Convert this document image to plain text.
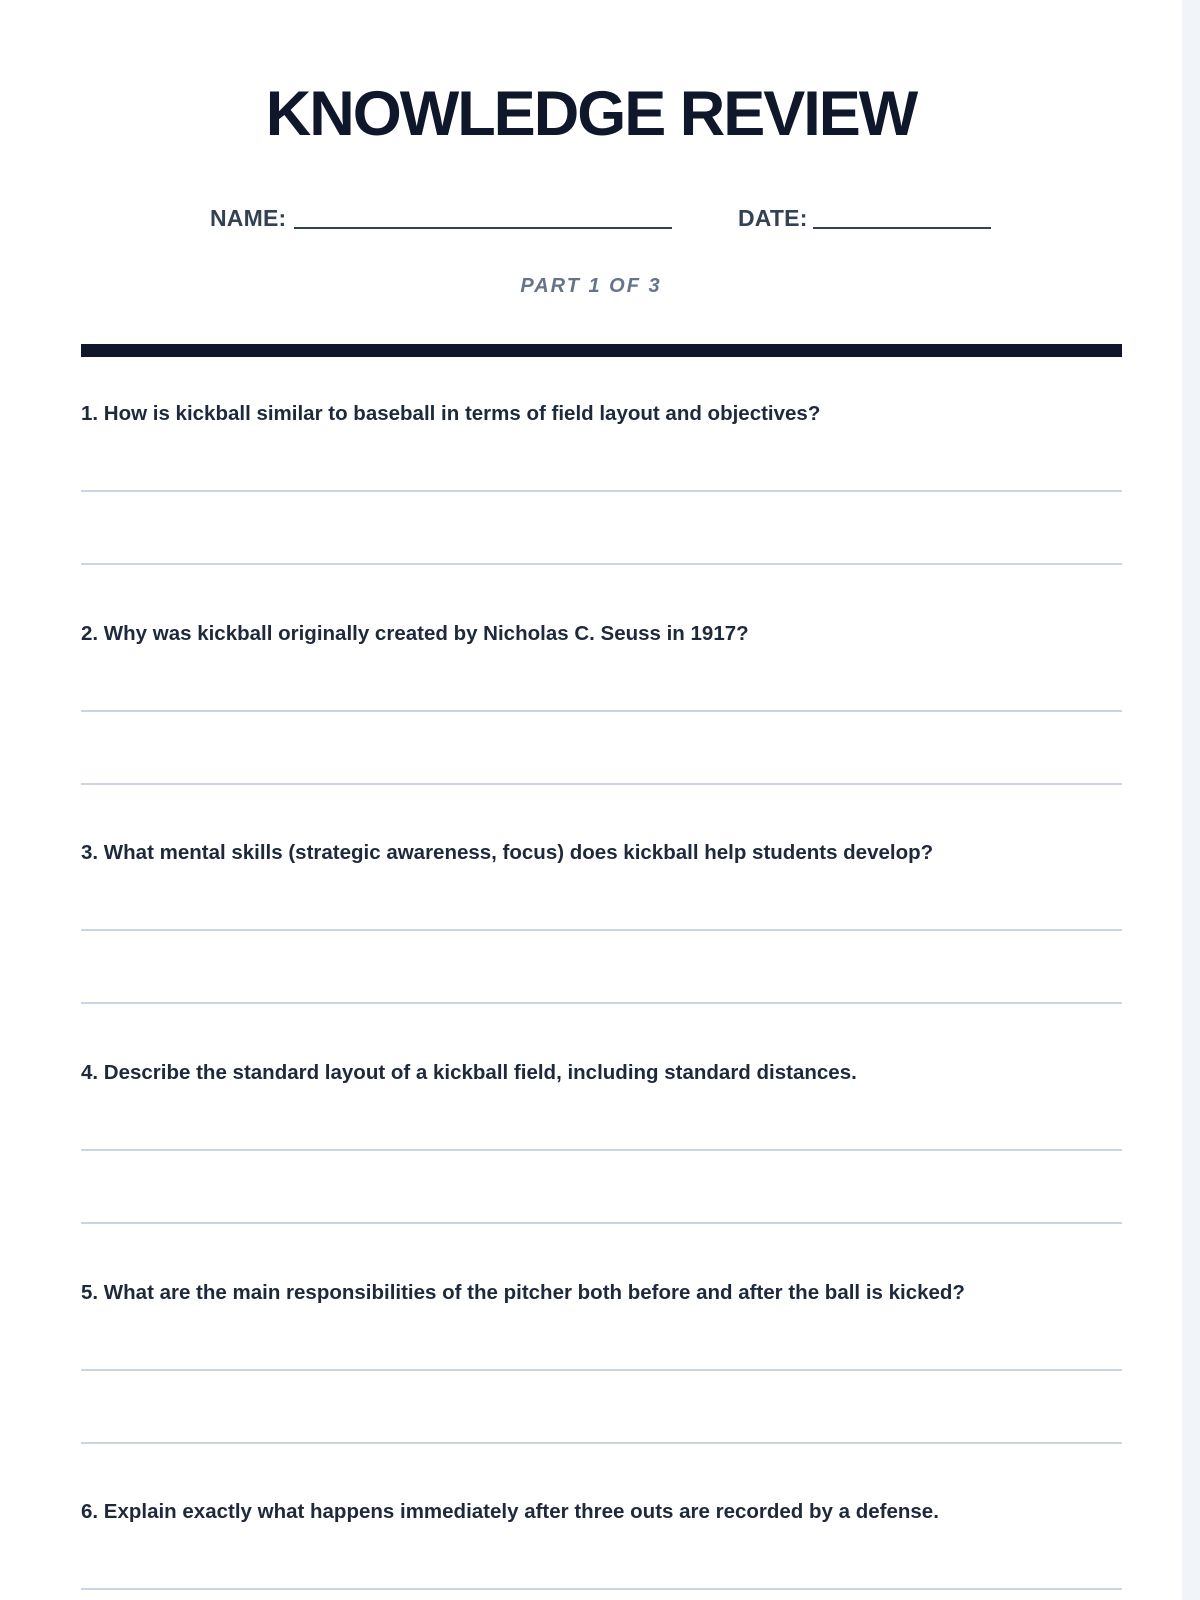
KNOWLEDGE REVIEW
NAME:	DATE:
PART 1 OF 3
1. How is kickball similar to baseball in terms of field layout and objectives?
2. Why was kickball originally created by Nicholas C. Seuss in 1917?
3. What mental skills (strategic awareness, focus) does kickball help students develop?
4. Describe the standard layout of a kickball field, including standard distances.
5. What are the main responsibilities of the pitcher both before and after the ball is kicked?
6. Explain exactly what happens immediately after three outs are recorded by a defense.
